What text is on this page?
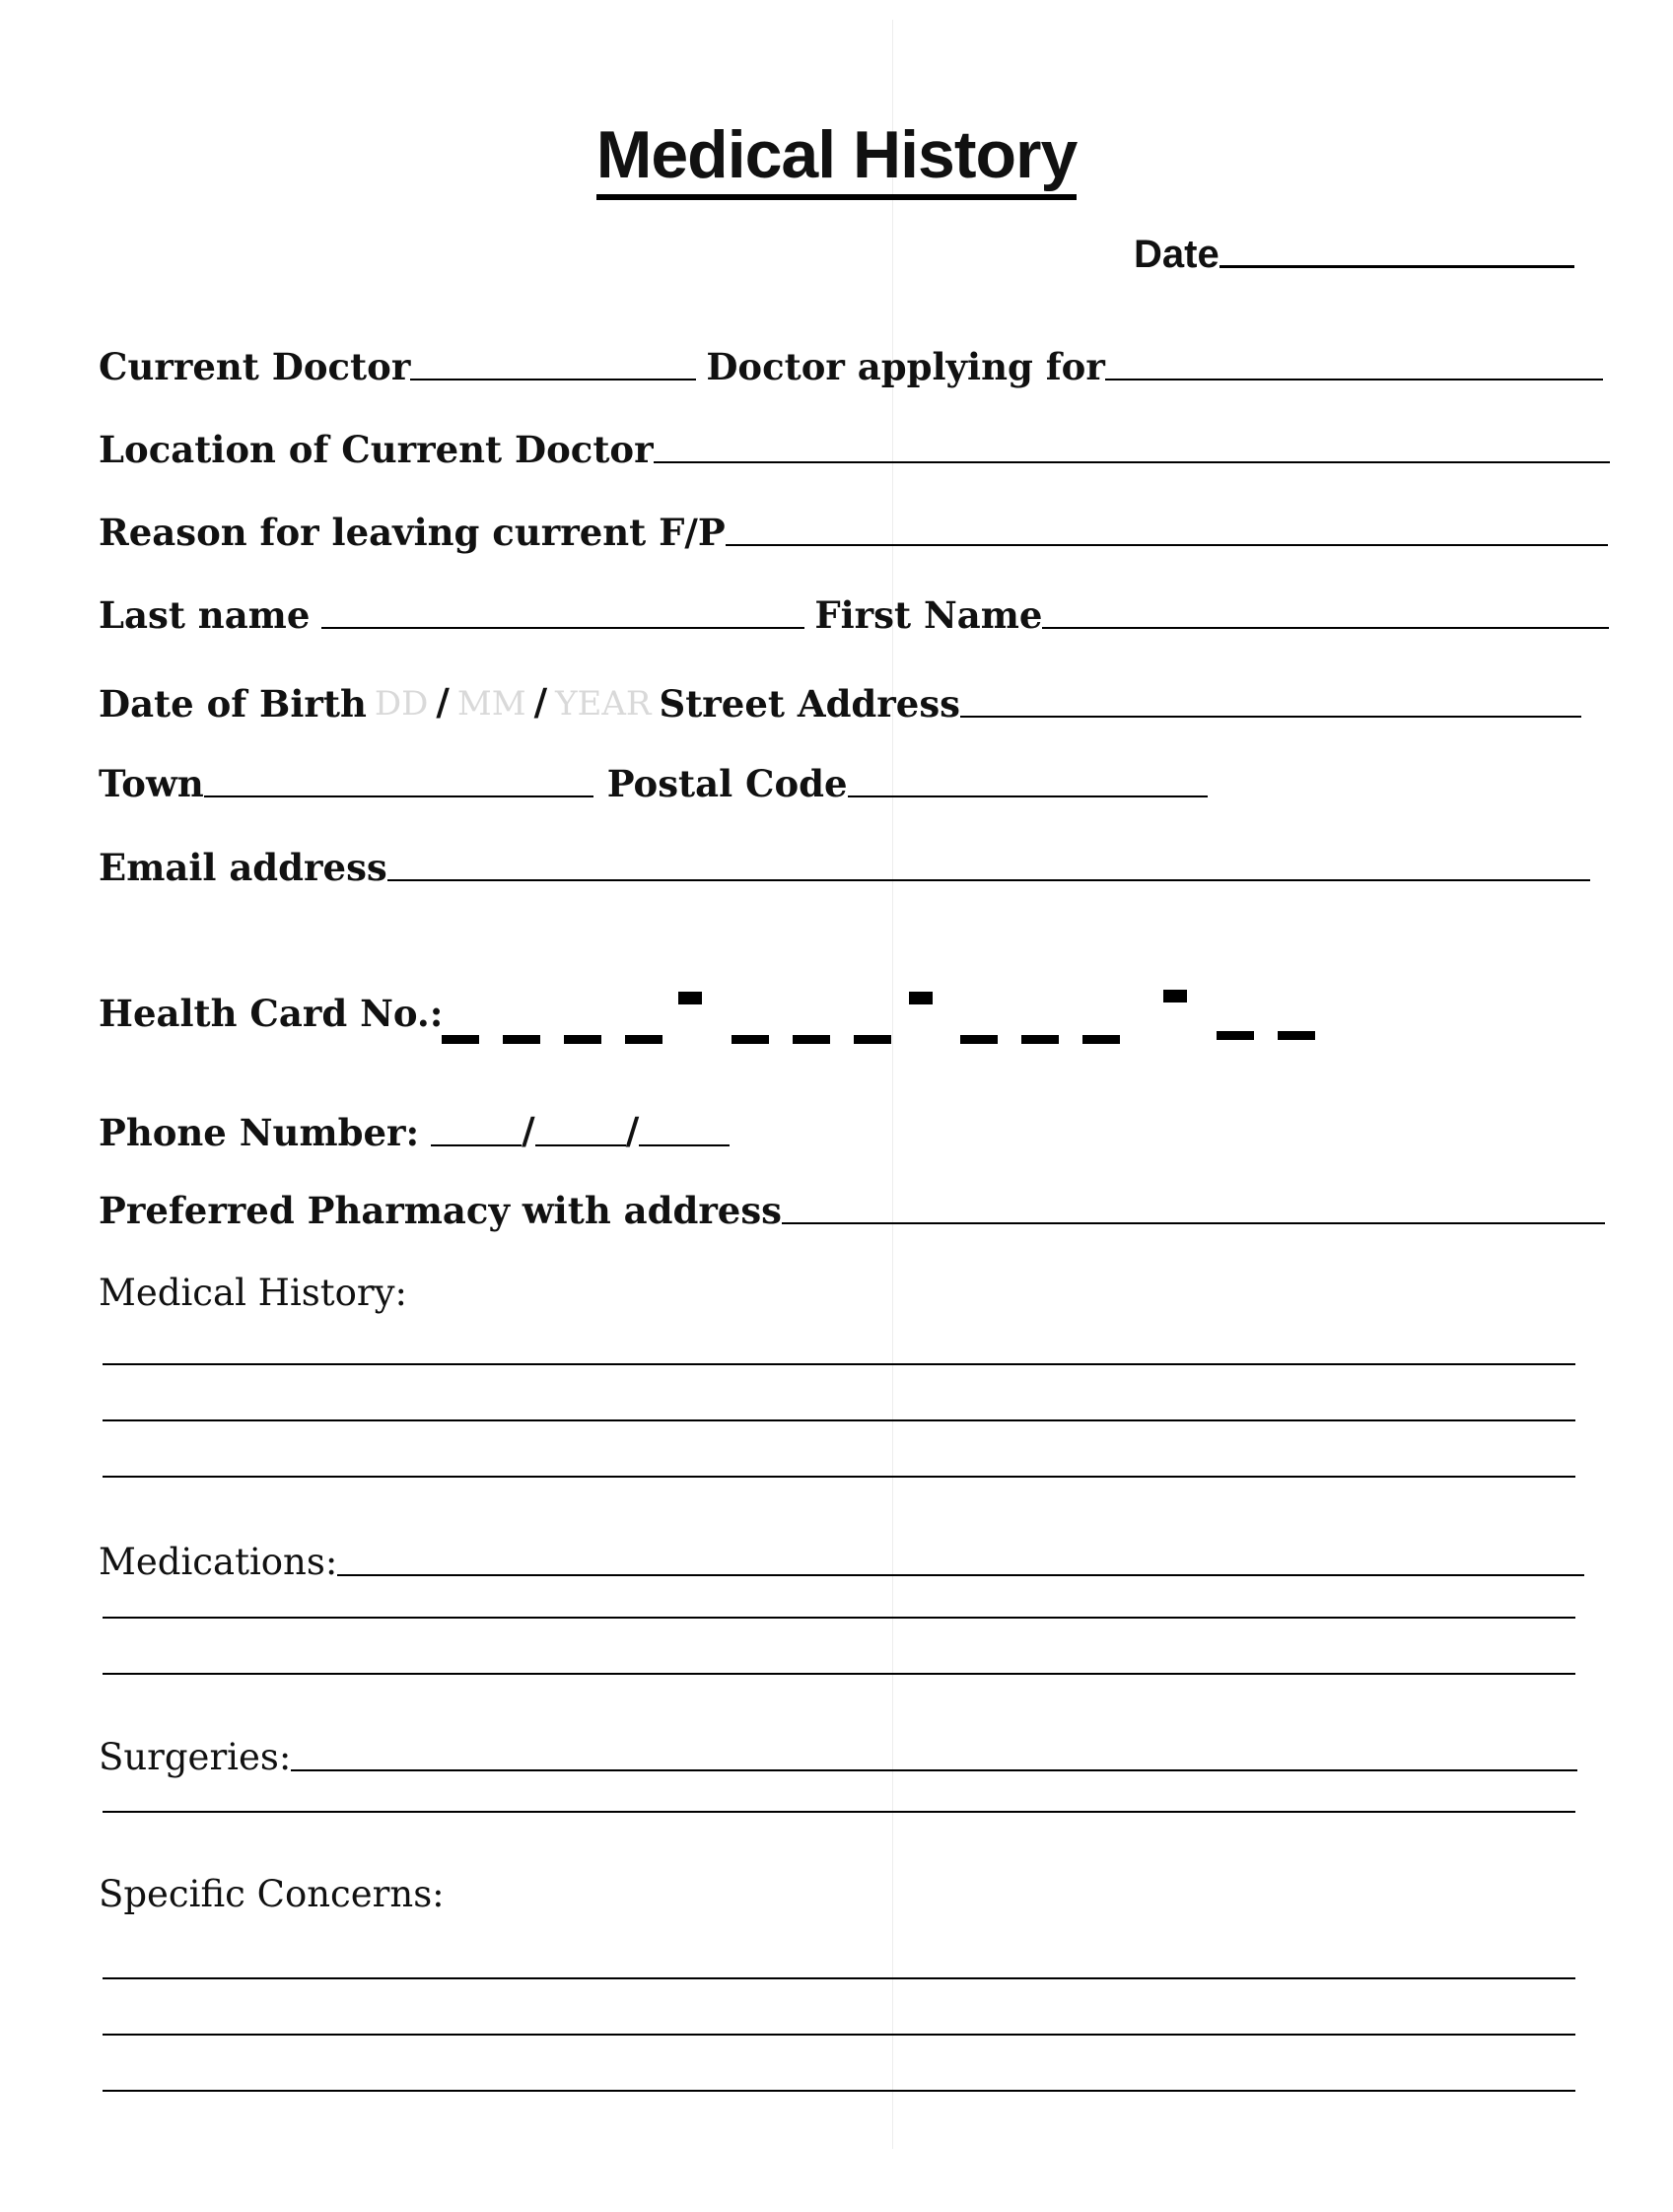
Medical History
Date
Current Doctor	Doctor applying for
Location of Current Doctor
Reason for leaving current F/P
Last name	First Name
Date of Birth DD / MM / YEAR Street Address
Town	Postal Code
Email address
Health Card No.:
Phone Number:	/ /
Preferred Pharmacy with address
Medical History:
Medications:
Surgeries:
Specific Concerns:
